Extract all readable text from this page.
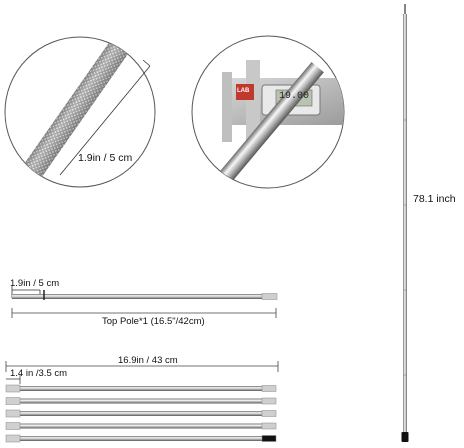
1.9in / 5 cm
78.1 inch
1.9in / 5 cm
Top Pole*1 (16.5"/42cm)
16.9in / 43 cm
1.4 in /3.5 cm
19.00
LAB
